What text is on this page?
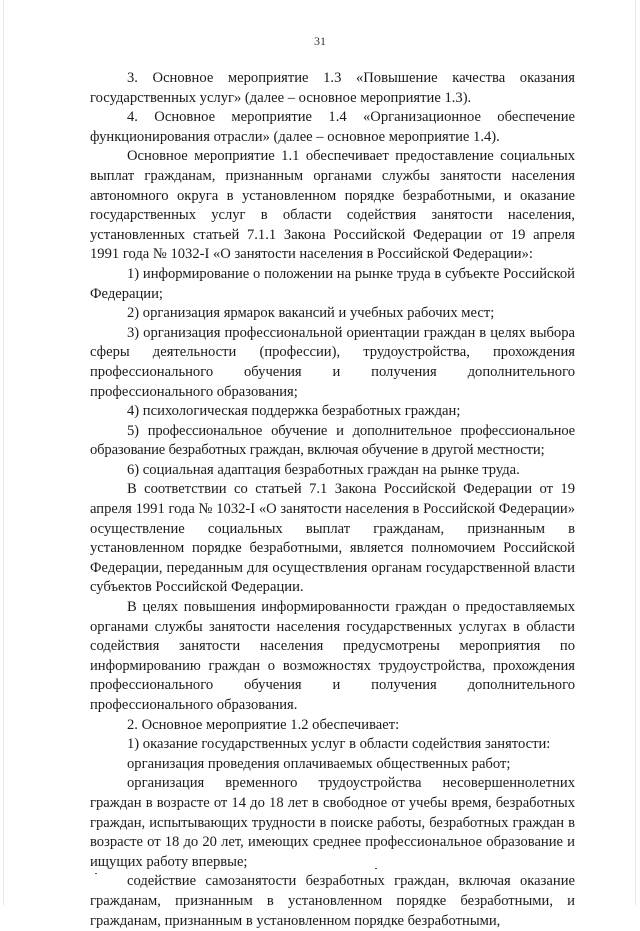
31

3. Основное мероприятие 1.3 «Повышение качества оказания государственных услуг» (далее – основное мероприятие 1.3).

4. Основное мероприятие 1.4 «Организационное обеспечение функционирования отрасли» (далее – основное мероприятие 1.4).

Основное мероприятие 1.1 обеспечивает предоставление социальных выплат гражданам, признанным органами службы занятости населения автономного округа в установленном порядке безработными, и оказание государственных услуг в области содействия занятости населения, установленных статьей 7.1.1 Закона Российской Федерации от 19 апреля 1991 года № 1032-I «О занятости населения в Российской Федерации»:

1) информирование о положении на рынке труда в субъекте Российской Федерации;

2) организация ярмарок вакансий и учебных рабочих мест;

3) организация профессиональной ориентации граждан в целях выбора сферы деятельности (профессии), трудоустройства, прохождения профессионального обучения и получения дополнительного профессионального образования;

4) психологическая поддержка безработных граждан;

5) профессиональное обучение и дополнительное профессиональное образование безработных граждан, включая обучение в другой местности;

6) социальная адаптация безработных граждан на рынке труда.

В соответствии со статьей 7.1 Закона Российской Федерации от 19 апреля 1991 года № 1032-I «О занятости населения в Российской Федерации» осуществление социальных выплат гражданам, признанным в установленном порядке безработными, является полномочием Российской Федерации, переданным для осуществления органам государственной власти субъектов Российской Федерации.

В целях повышения информированности граждан о предоставляемых органами службы занятости населения государственных услугах в области содействия занятости населения предусмотрены мероприятия по информированию граждан о возможностях трудоустройства, прохождения профессионального обучения и получения дополнительного профессионального образования.

2. Основное мероприятие 1.2 обеспечивает:

1) оказание государственных услуг в области содействия занятости:

организация проведения оплачиваемых общественных работ;

организация временного трудоустройства несовершеннолетних граждан в возрасте от 14 до 18 лет в свободное от учебы время, безработных граждан, испытывающих трудности в поиске работы, безработных граждан в возрасте от 18 до 20 лет, имеющих среднее профессиональное образование и ищущих работу впервые;

содействие самозанятости безработных граждан, включая оказание гражданам, признанным в установленном порядке безработными, и гражданам, признанным в установленном порядке безработными,
